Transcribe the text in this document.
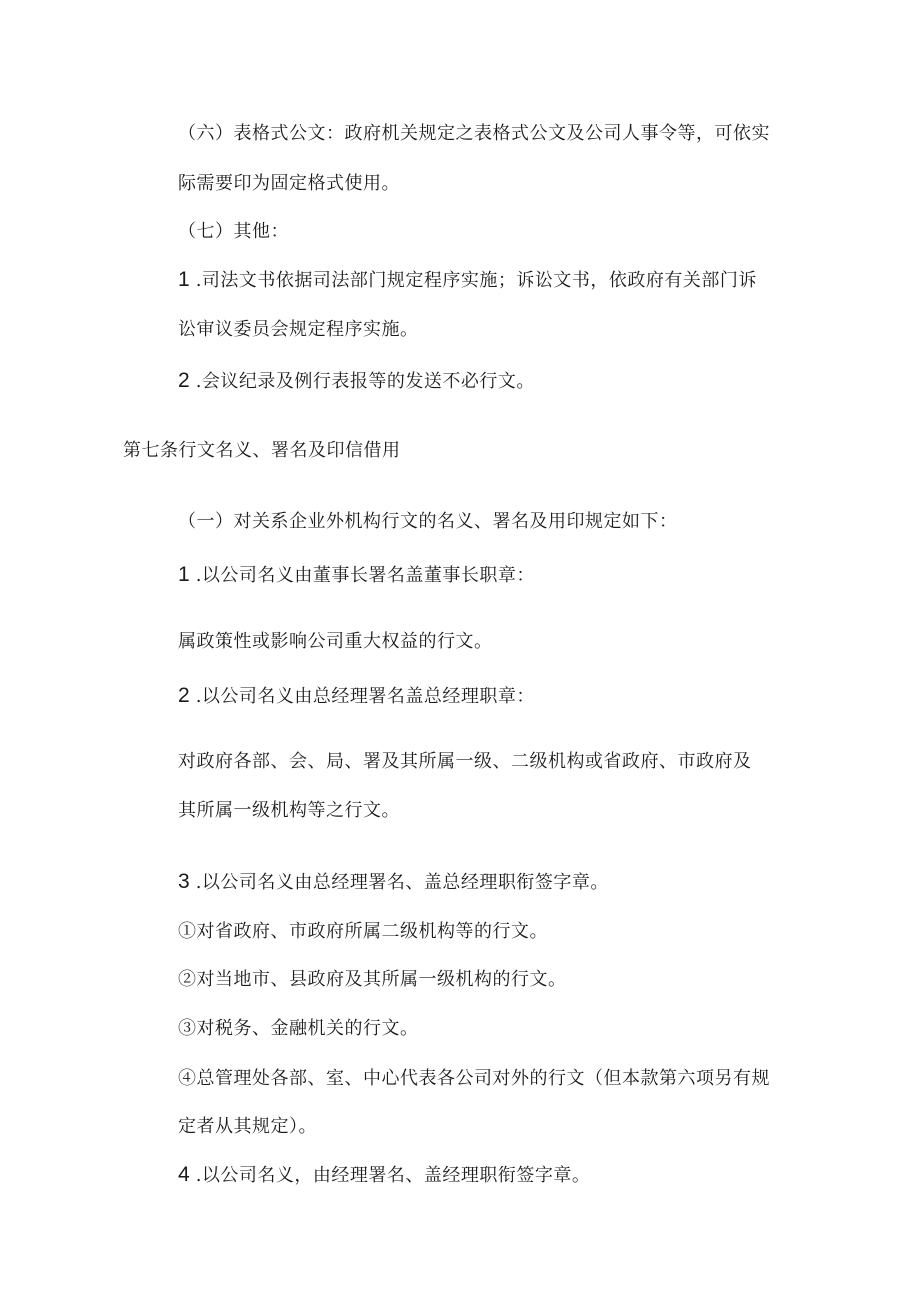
（六）表格式公文：政府机关规定之表格式公文及公司人事令等，可依实
际需要印为固定格式使用。
（七）其他：
1 .司法文书依据司法部门规定程序实施；诉讼文书，依政府有关部门诉
讼审议委员会规定程序实施。
2 .会议纪录及例行表报等的发送不必行文。
第七条行文名义、署名及印信借用
（一）对关系企业外机构行文的名义、署名及用印规定如下：
1 .以公司名义由董事长署名盖董事长职章：
属政策性或影响公司重大权益的行文。
2 .以公司名义由总经理署名盖总经理职章：
对政府各部、会、局、署及其所属一级、二级机构或省政府、市政府及
其所属一级机构等之行文。
3 .以公司名义由总经理署名、盖总经理职衔签字章。
①对省政府、市政府所属二级机构等的行文。
②对当地市、县政府及其所属一级机构的行文。
③对税务、金融机关的行文。
④总管理处各部、室、中心代表各公司对外的行文（但本款第六项另有规
定者从其规定）。
4 .以公司名义，由经理署名、盖经理职衔签字章。
